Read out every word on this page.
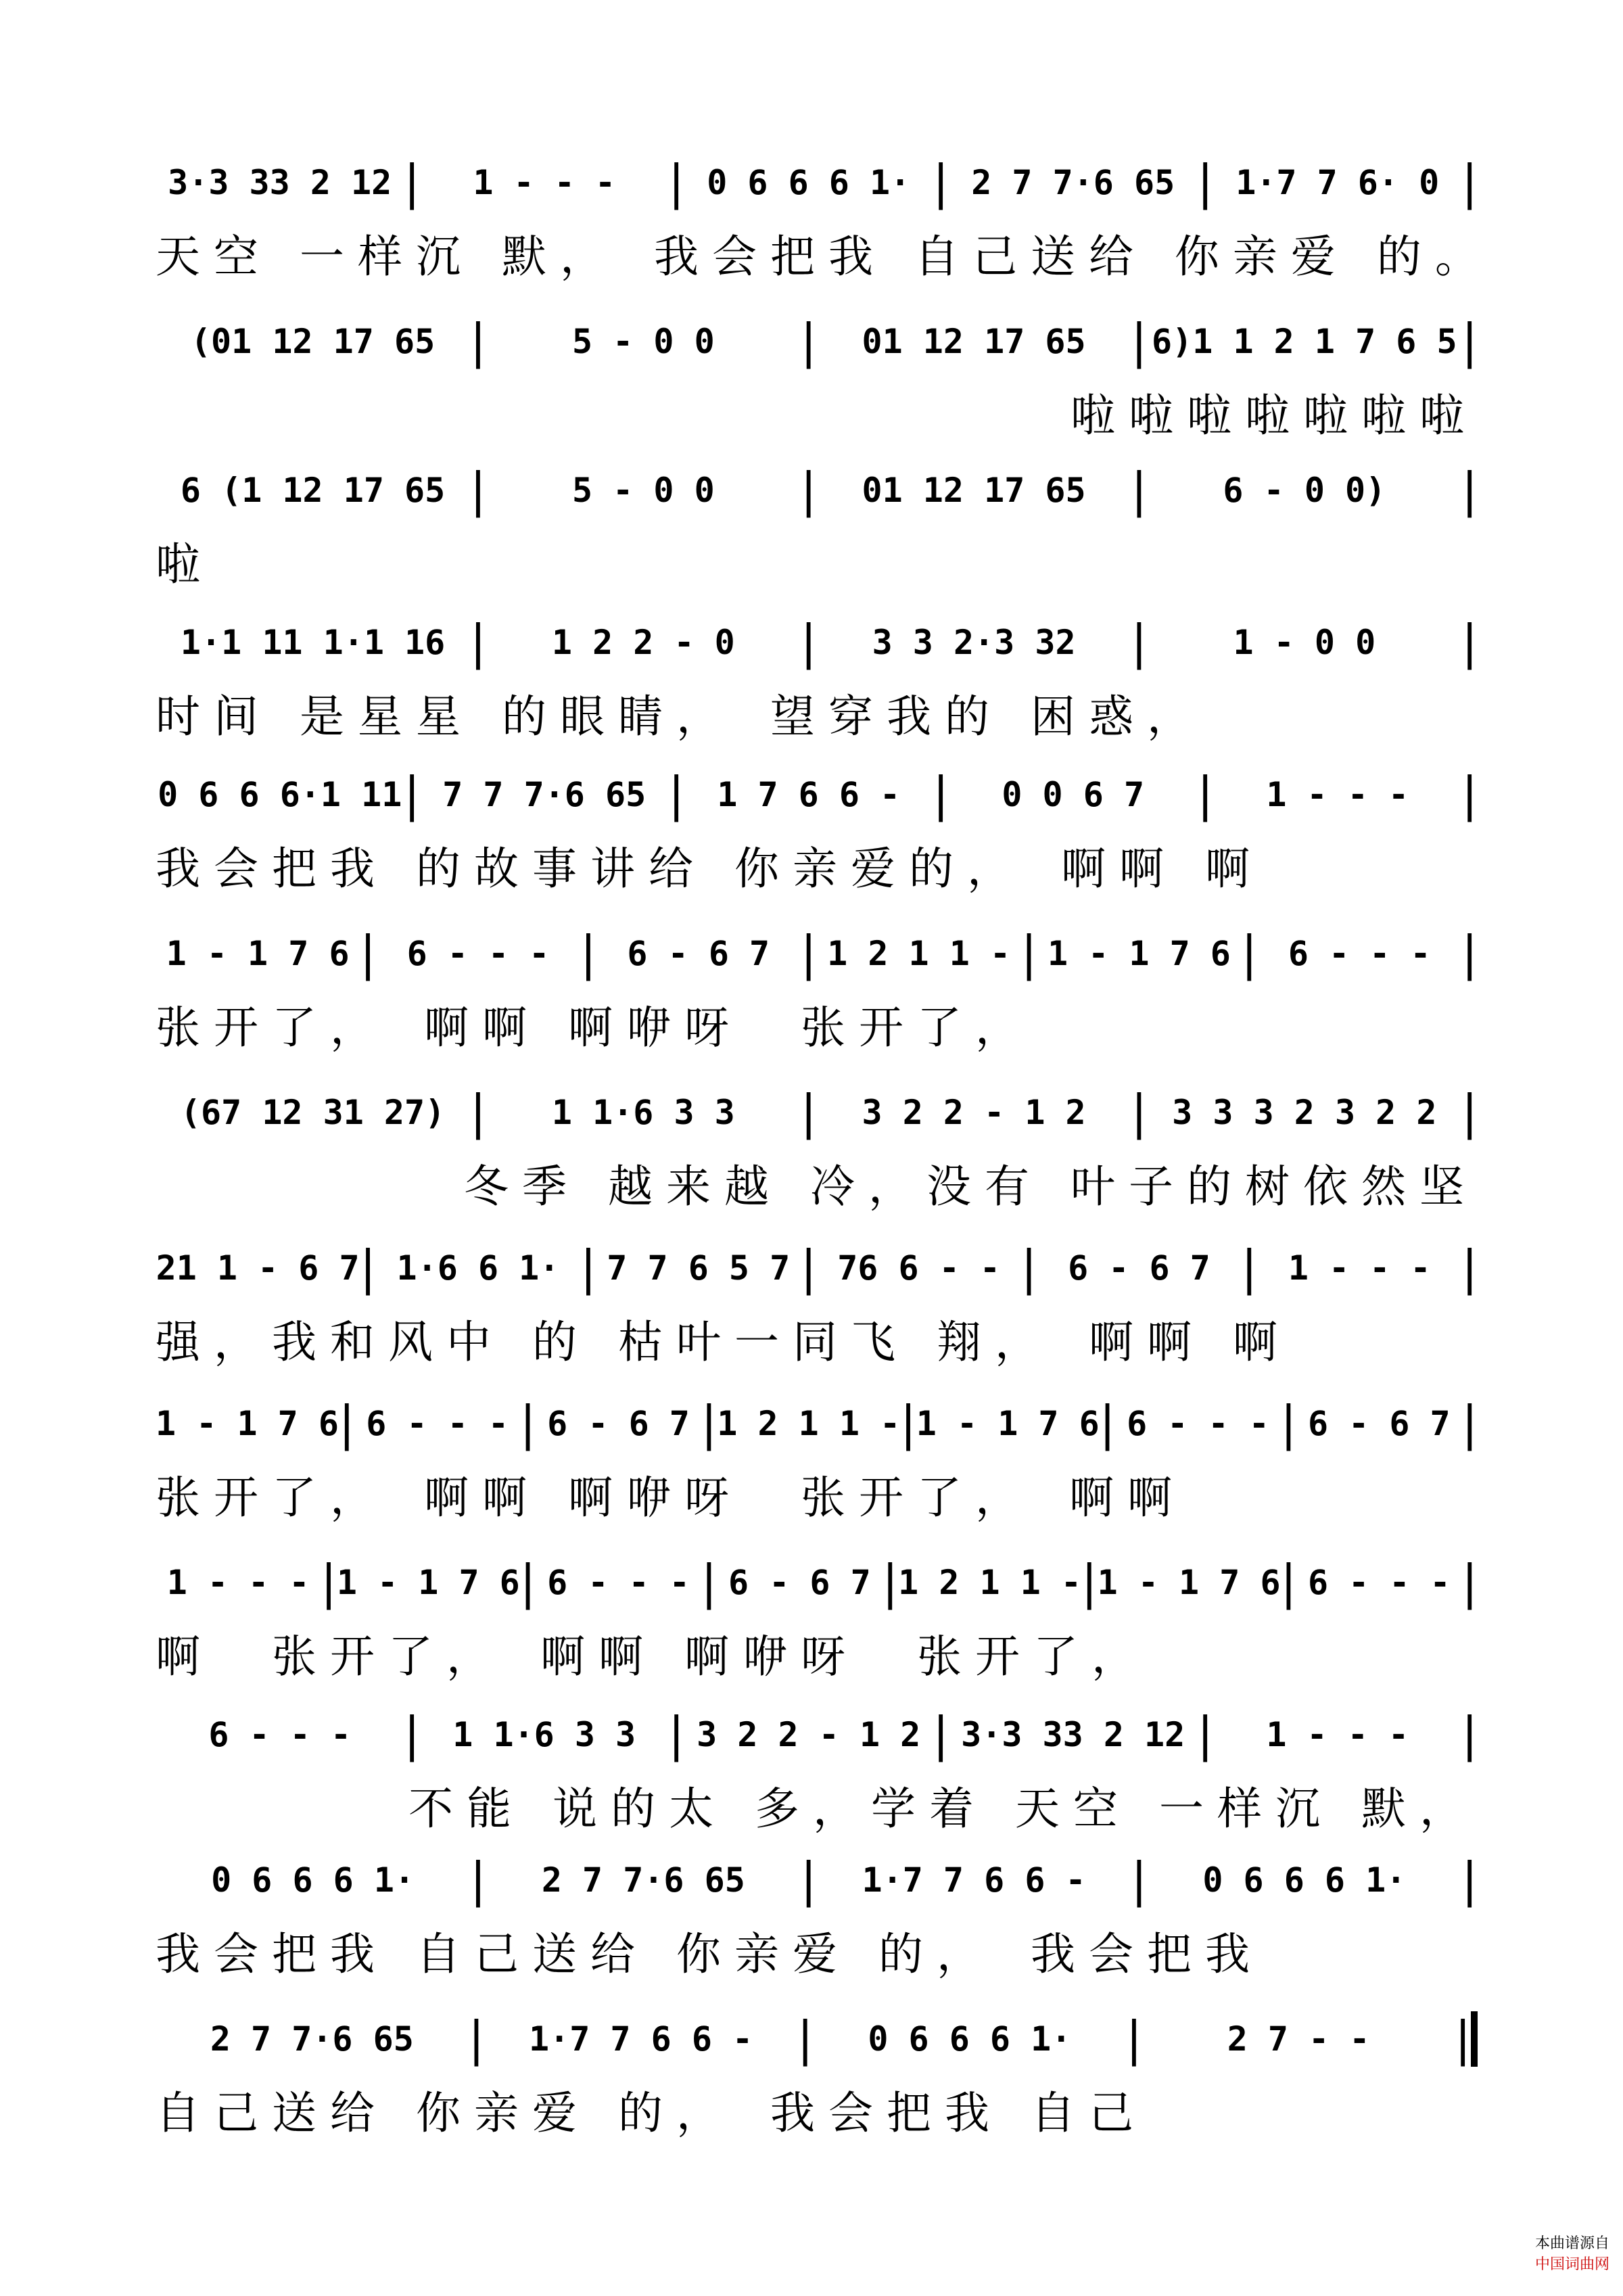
3·3 33 2 12 |	1 - - -	| 0 6 6 6 1· | 2 7 7·6 65 | 1·7 7 6· 0 |
天空 一样沉 默，　我会把我 自己送给 你亲爱 的。
(01 12 17 65 |	5 - 0 0	|	01 12 17 65 | 6)1 1 2 1 7 6 5 |
啦啦啦啦啦啦啦
6 (1 12 17 65 |	5 - 0 0	|	01 12 17 65 |	6 - 0 0)	|
啦
1·1 11 1·1 16 |	1 2 2 - 0	|	3 3 2·3 32	|	1 - 0 0	|
时间 是星星 的眼睛，　望穿我的 困惑，
0 6 6 6·1 11 | 7 7 7·6 65 | 1 7 6 6 - |	0 0 6 7	|	1 - - -	|
我会把我 的故事讲给 你亲爱的，　啊啊 啊
1 - 1 7 6 | 6 - - - | 6 - 6 7 | 1 2 1 1 - | 1 - 1 7 6 | 6 - - - |
张开了，　啊啊 啊咿呀　张开了，
(67 12 31 27) |	1 1·6 3 3	|	3 2 2 - 1 2 | 3 3 3 2 3 2 2 |
冬季 越来越 冷，没有 叶子的树依然坚
21 1 - 6 7 | 1·6 6 1· | 7 7 6 5 7 | 76 6 - - | 6 - 6 7 | 1 - - - |
强，我和风中 的 枯叶一同飞 翔，　啊啊 啊
1 - 1 7 6 | 6 - - - | 6 - 6 7 | 1 2 1 1 - | 1 - 1 7 6 | 6 - - - | 6 - 6 7 |
张开了，　啊啊 啊咿呀　张开了，　啊啊
1 - - - | 1 - 1 7 6 | 6 - - - | 6 - 6 7 | 1 2 1 1 - | 1 - 1 7 6 | 6 - - - |
啊　张开了，　啊啊 啊咿呀　张开了，
6 - - -	| 1 1·6 3 3 | 3 2 2 - 1 2 | 3·3 33 2 12 |	1 - - -	|
不能 说的太 多，学着 天空 一样沉 默，
0 6 6 6 1·	|	2 7 7·6 65	|	1·7 7 6 6 - |	0 6 6 6 1·	|
我会把我 自己送给 你亲爱 的，　我会把我
2 7 7·6 65	|	1·7 7 6 6 - |	0 6 6 6 1·	|	2 7 - -	|
自己送给 你亲爱 的，　我会把我 自己

本曲谱源自
中国词曲网
